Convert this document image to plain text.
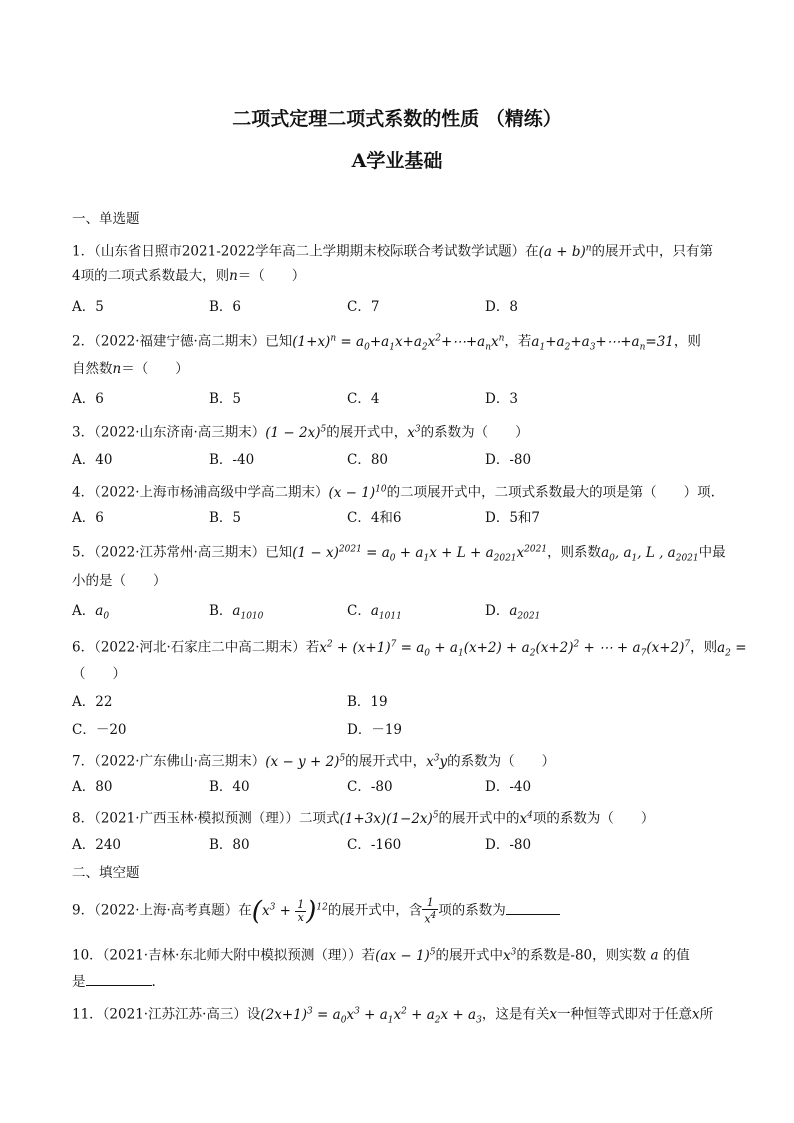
二项式定理二项式系数的性质 （精练）
A学业基础
一、单选题
1．（山东省日照市2021-2022学年高二上学期期末校际联合考试数学试题）在$(a + b)^n$的展开式中，只有第
4项的二项式系数最大，则n＝（　　）
A．5	B．6	C．7	D．8
2．（2022·福建宁德·高二期末）已知$(1+x)^n$ = $a_0+a_1x+a_2x^2+\cdots+a_nx^n$，若$a_1+a_2+a_3+\cdots+a_n=31$，则
自然数n＝（　　）
A．6	B．5	C．4	D．3
3．（2022·山东济南·高三期末）$(1 - 2x)^5$的展开式中，$x^3$的系数为（　　）
A．40	B．-40	C．80	D．-80
4．（2022·上海市杨浦高级中学高二期末）$(x - 1)^{10}$的二项展开式中，二项式系数最大的项是第（　　）项.
A．6	B．5	C．4和6	D．5和7
5．（2022·江苏常州·高三期末）已知$(1 - x)^{2021} = a_0 + a_1x + L + a_{2021}x^{2021}$，则系数$a_0$, $a_1$, L , $a_{2021}$中最
小的是（　　）
A．$a_0$	B．$a_{1010}$	C．$a_{1011}$	D．$a_{2021}$
6．（2022·河北·石家庄二中高二期末）若$x^2 + (x+1)^7 = a_0 + a_1(x+2) + a_2(x+2)^2$ + ⋯ + $a_7(x+2)^7$，则$a_2$ =
（　　）
A．22	B．19
C．－20	D．－19
7．（2022·广东佛山·高三期末）$(x - y + 2)^5$的展开式中，$x^3y$的系数为（　　）
A．80	B．40	C．-80	D．-40
8．（2021·广西玉林·模拟预测（理））二项式$(1+3x)(1-2x)^5$的展开式中的$x^4$项的系数为（　　）
A．240	B．80	C．-160	D．-80
二、填空题
9．（2022·上海·高考真题）在$(x^3 + \frac{1}{x} )^{12}$的展开式中，含 $\frac{1}{x^4}$ 项的系数为
10．（2021·吉林·东北师大附中模拟预测（理））若(ax − 1)$^5$的展开式中$x^3$的系数是-80，则实数 a 的值
是	.
11．（2021·江苏江苏·高三）设$(2x+1)^3 = a_0x^3 + a_1x^2 + a_2x + a_3$，这是有关x一种恒等式即对于任意x所
